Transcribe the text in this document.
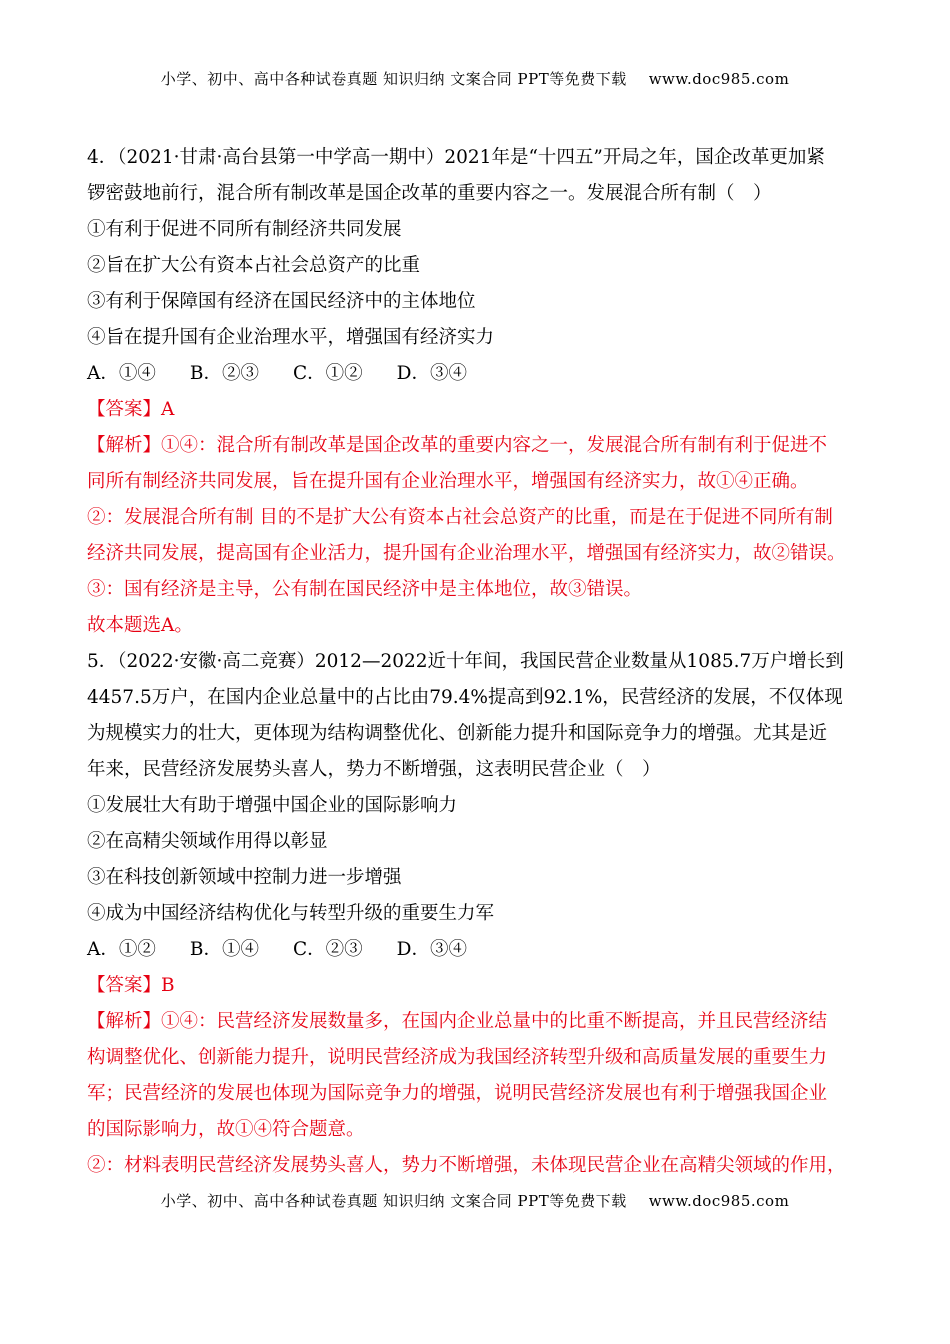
小学、初中、高中各种试卷真题 知识归纳 文案合同 PPT等免费下载 www.doc985.com
4．（2021·甘肃·高台县第一中学高一期中）2021年是“十四五”开局之年，国企改革更加紧
锣密鼓地前行，混合所有制改革是国企改革的重要内容之一。发展混合所有制（　）
①有利于促进不同所有制经济共同发展
②旨在扩大公有资本占社会总资产的比重
③有利于保障国有经济在国民经济中的主体地位
④旨在提升国有企业治理水平，增强国有经济实力
A．①④ B．②③ C．①② D．③④
【答案】A
【解析】①④：混合所有制改革是国企改革的重要内容之一，发展混合所有制有利于促进不
同所有制经济共同发展，旨在提升国有企业治理水平，增强国有经济实力，故①④正确。
②：发展混合所有制 目的不是扩大公有资本占社会总资产的比重，而是在于促进不同所有制
经济共同发展，提高国有企业活力，提升国有企业治理水平，增强国有经济实力，故②错误。
③：国有经济是主导，公有制在国民经济中是主体地位，故③错误。
故本题选A。
5．（2022·安徽·高二竞赛）2012—2022近十年间，我国民营企业数量从1085.7万户增长到
4457.5万户，在国内企业总量中的占比由79.4%提高到92.1%，民营经济的发展，不仅体现
为规模实力的壮大，更体现为结构调整优化、创新能力提升和国际竞争力的增强。尤其是近
年来，民营经济发展势头喜人，势力不断增强，这表明民营企业（　）
①发展壮大有助于增强中国企业的国际影响力
②在高精尖领域作用得以彰显
③在科技创新领域中控制力进一步增强
④成为中国经济结构优化与转型升级的重要生力军
A．①② B．①④ C．②③ D．③④
【答案】B
【解析】①④：民营经济发展数量多，在国内企业总量中的比重不断提高，并且民营经济结
构调整优化、创新能力提升，说明民营经济成为我国经济转型升级和高质量发展的重要生力
军；民营经济的发展也体现为国际竞争力的增强，说明民营经济发展也有利于增强我国企业
的国际影响力，故①④符合题意。
②：材料表明民营经济发展势头喜人，势力不断增强，未体现民营企业在高精尖领域的作用，
小学、初中、高中各种试卷真题 知识归纳 文案合同 PPT等免费下载 www.doc985.com
